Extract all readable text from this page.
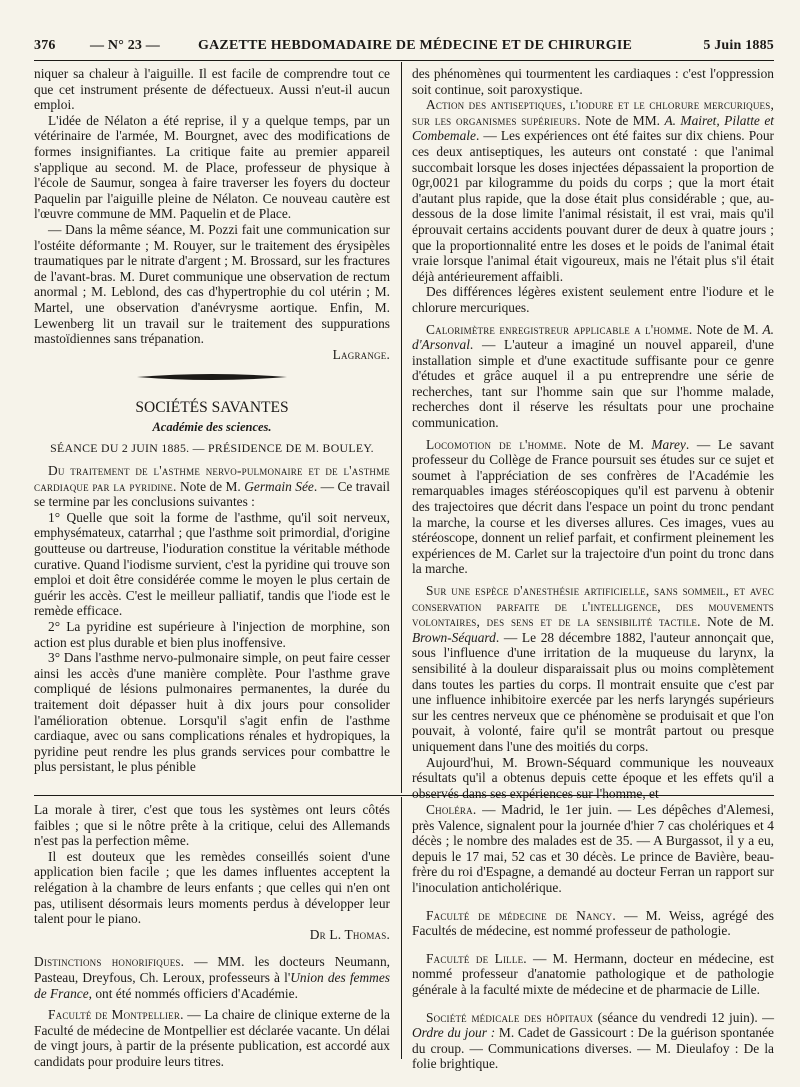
376 — N° 23 —	GAZETTE HEBDOMADAIRE DE MÉDECINE ET DE CHIRURGIE	5 Juin 1885

niquer sa chaleur à l'aiguille. Il est facile de comprendre tout ce que cet instrument présente de défectueux. Aussi n'eut-il aucun emploi.

L'idée de Nélaton a été reprise, il y a quelque temps, par un vétérinaire de l'armée, M. Bourgnet, avec des modifications de formes insignifiantes. La critique faite au premier appareil s'applique au second. M. de Place, professeur de physique à l'école de Saumur, songea à faire traverser les foyers du docteur Paquelin par l'aiguille pleine de Nélaton. Ce nouveau cautère est l'œuvre commune de MM. Paquelin et de Place.

— Dans la même séance, M. Pozzi fait une communication sur l'ostéite déformante ; M. Rouyer, sur le traitement des érysipèles traumatiques par le nitrate d'argent ; M. Brossard, sur les fractures de l'avant-bras. M. Duret communique une observation de rectum anormal ; M. Leblond, des cas d'hypertrophie du col utérin ; M. Martel, une observation d'anévrysme aortique. Enfin, M. Lewenberg lit un travail sur le traitement des suppurations mastoïdiennes sans trépanation.

Lagrange.

SOCIÉTÉS SAVANTES
Académie des sciences.
SÉANCE DU 2 JUIN 1885. — PRÉSIDENCE DE M. BOULEY.

Du traitement de l'asthme nervo-pulmonaire et de l'asthme cardiaque par la pyridine. Note de M. Germain Sée. — Ce travail se termine par les conclusions suivantes :

1° Quelle que soit la forme de l'asthme, qu'il soit nerveux, emphysémateux, catarrhal ; que l'asthme soit primordial, d'origine goutteuse ou dartreuse, l'ioduration constitue la véritable méthode curative. Quand l'iodisme survient, c'est la pyridine qui trouve son emploi et doit être considérée comme le moyen le plus certain de guérir les accès. C'est le meilleur palliatif, tandis que l'iode est le remède efficace.

2° La pyridine est supérieure à l'injection de morphine, son action est plus durable et bien plus inoffensive.

3° Dans l'asthme nervo-pulmonaire simple, on peut faire cesser ainsi les accès d'une manière complète. Pour l'asthme grave compliqué de lésions pulmonaires permanentes, la durée du traitement doit dépasser huit à dix jours pour consolider l'amélioration obtenue. Lorsqu'il s'agit enfin de l'asthme cardiaque, avec ou sans complications rénales et hydropiques, la pyridine peut rendre les plus grands services pour combattre le plus persistant, le plus pénible

des phénomènes qui tourmentent les cardiaques : c'est l'oppression soit continue, soit paroxystique.

Action des antiseptiques, l'iodure et le chlorure mercuriques, sur les organismes supérieurs. Note de MM. A. Mairet, Pilatte et Combemale. — Les expériences ont été faites sur dix chiens. Pour ces deux antiseptiques, les auteurs ont constaté : que l'animal succombait lorsque les doses injectées dépassaient la proportion de 0gr,0021 par kilogramme du poids du corps ; que la mort était d'autant plus rapide, que la dose était plus considérable ; que, au-dessous de la dose limite l'animal résistait, il est vrai, mais qu'il éprouvait certains accidents pouvant durer de deux à quatre jours ; que la proportionnalité entre les doses et le poids de l'animal était vraie lorsque l'animal était vigoureux, mais ne l'était plus s'il était déjà antérieurement affaibli.

Des différences légères existent seulement entre l'iodure et le chlorure mercuriques.

Calorimètre enregistreur applicable a l'homme. Note de M. A. d'Arsonval. — L'auteur a imaginé un nouvel appareil, d'une installation simple et d'une exactitude suffisante pour ce genre d'études et grâce auquel il a pu entreprendre une série de recherches, tant sur l'homme sain que sur l'homme malade, recherches dont il réserve les résultats pour une prochaine communication.

Locomotion de l'homme. Note de M. Marey. — Le savant professeur du Collège de France poursuit ses études sur ce sujet et soumet à l'appréciation de ses confrères de l'Académie les remarquables images stéréoscopiques qu'il est parvenu à obtenir des trajectoires que décrit dans l'espace un point du tronc pendant la marche, la course et les diverses allures. Ces images, vues au stéréoscope, donnent un relief parfait, et confirment pleinement les expériences de M. Carlet sur la trajectoire d'un point du tronc dans la marche.

Sur une espèce d'anesthésie artificielle, sans sommeil, et avec conservation parfaite de l'intelligence, des mouvements volontaires, des sens et de la sensibilité tactile. Note de M. Brown-Séquard. — Le 28 décembre 1882, l'auteur annonçait que, sous l'influence d'une irritation de la muqueuse du larynx, la sensibilité à la douleur disparaissait plus ou moins complètement dans toutes les parties du corps. Il montrait ensuite que c'est par une influence inhibitoire exercée par les nerfs laryngés supérieurs sur les centres nerveux que ce phénomène se produisait et que l'on pouvait, à volonté, faire qu'il se montrât partout ou presque uniquement dans l'une des moitiés du corps.

Aujourd'hui, M. Brown-Séquard communique les nouveaux résultats qu'il a obtenus depuis cette époque et les effets qu'il a observés dans ses expériences sur l'homme, et

La morale à tirer, c'est que tous les systèmes ont leurs côtés faibles ; que si le nôtre prête à la critique, celui des Allemands n'est pas la perfection même.

Il est douteux que les remèdes conseillés soient d'une application bien facile ; que les dames influentes acceptent la relégation à la chambre de leurs enfants ; que celles qui n'en ont pas, utilisent désormais leurs moments perdus à développer leur talent pour le piano.

Dr L. Thomas.

Distinctions honorifiques. — MM. les docteurs Neumann, Pasteau, Dreyfous, Ch. Leroux, professeurs à l'Union des femmes de France, ont été nommés officiers d'Académie.

Faculté de Montpellier. — La chaire de clinique externe de la Faculté de médecine de Montpellier est déclarée vacante. Un délai de vingt jours, à partir de la présente publication, est accordé aux candidats pour produire leurs titres.

Choléra. — Madrid, le 1er juin. — Les dépêches d'Alemesi, près Valence, signalent pour la journée d'hier 7 cas cholériques et 4 décès ; le nombre des malades est de 35. — A Burgassot, il y a eu, depuis le 17 mai, 52 cas et 30 décès. Le prince de Bavière, beau-frère du roi d'Espagne, a demandé au docteur Ferran un rapport sur l'inoculation anticholérique.

Faculté de médecine de Nancy. — M. Weiss, agrégé des Facultés de médecine, est nommé professeur de pathologie.

Faculté de Lille. — M. Hermann, docteur en médecine, est nommé professeur d'anatomie pathologique et de pathologie générale à la faculté mixte de médecine et de pharmacie de Lille.

Société médicale des hôpitaux (séance du vendredi 12 juin). — Ordre du jour : M. Cadet de Gassicourt : De la guérison spontanée du croup. — Communications diverses. — M. Dieulafoy : De la folie brightique.
